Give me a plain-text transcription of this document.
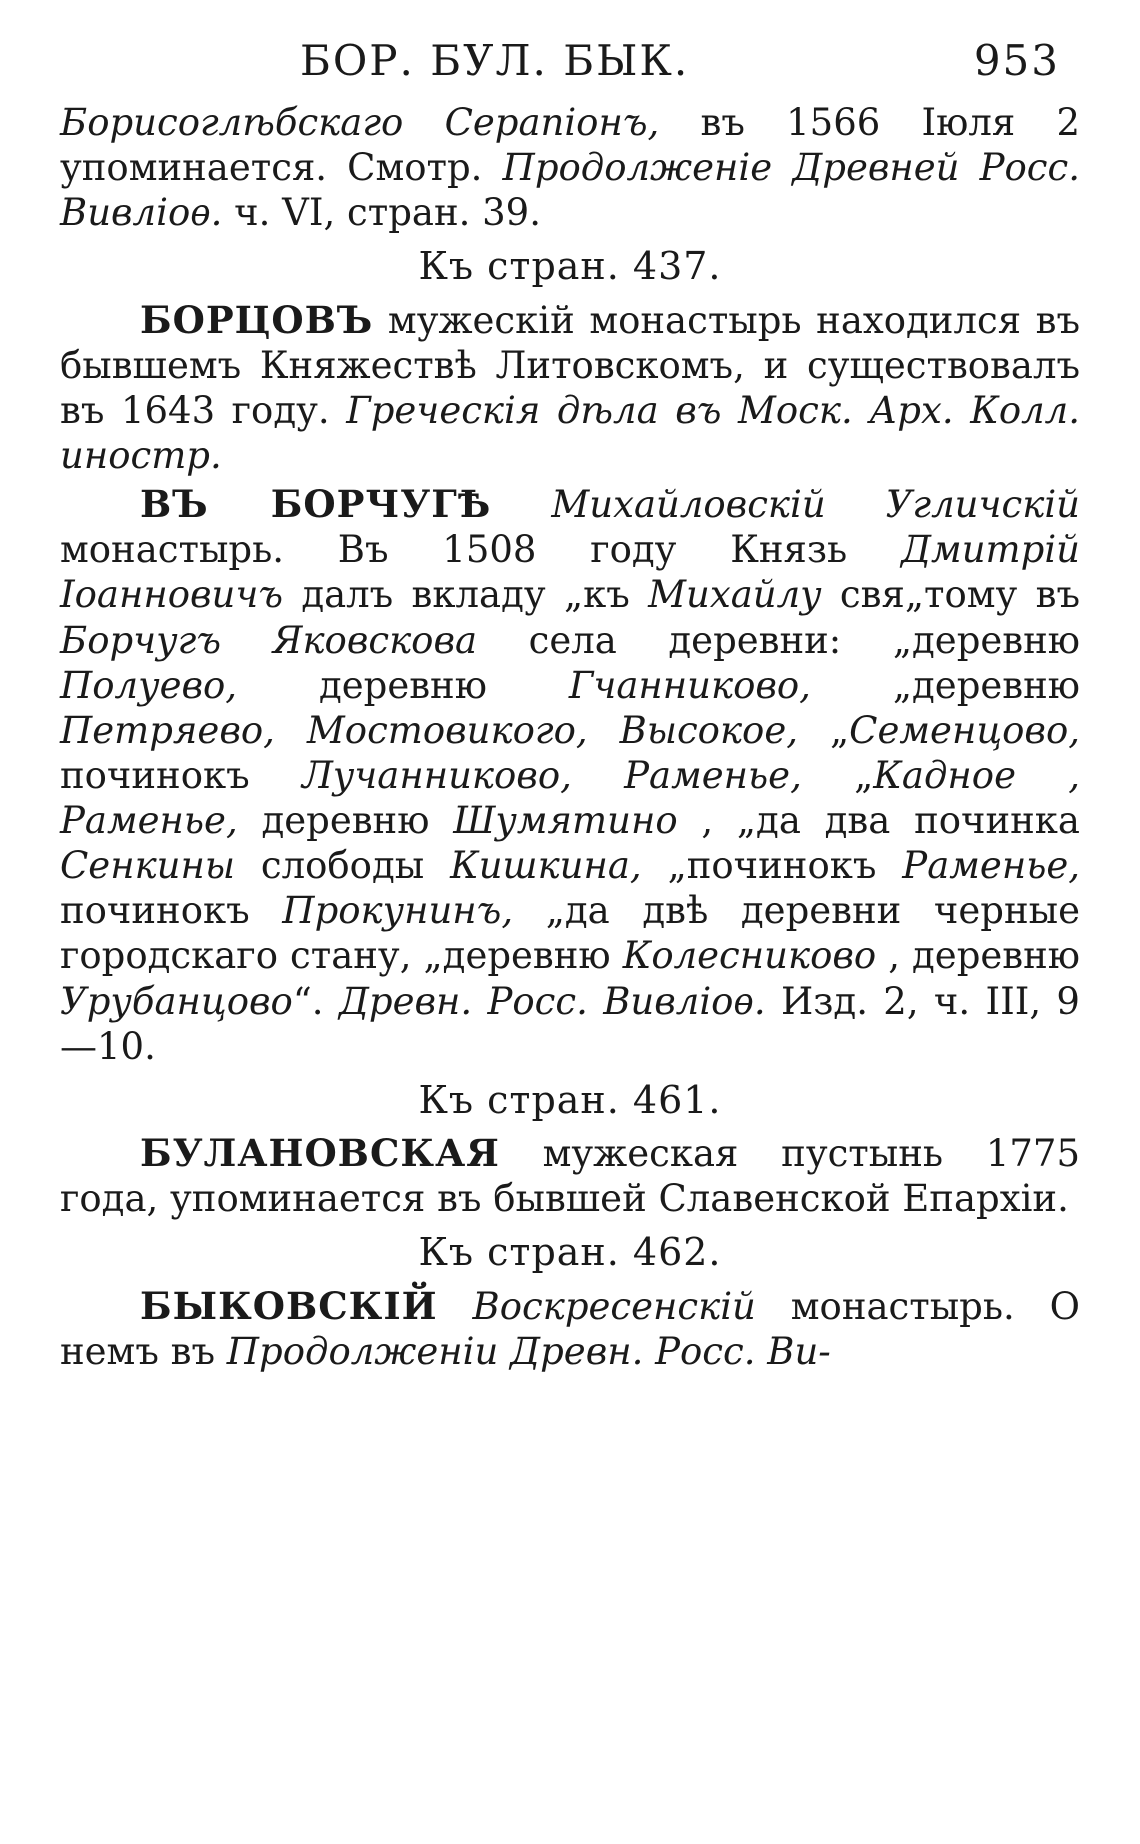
БОР. БУЛ. БЫК.	953

Борисоглѣбскаго Серапіонъ, въ 1566 Іюля 2 упоминается. Смотр. Продолженіе Древней Росс. Вивліоѳ. ч. VI, стран. 39.

Къ стран. 437.

БОРЦОВЪ мужескій монастырь находился въ бывшемъ Княжествѣ Литовскомъ, и существовалъ въ 1643 году. Греческія дѣла въ Моск. Арх. Колл. иностр.

ВЪ БОРЧУГѢ Михайловскій Угличскій монастырь. Въ 1508 году Князь Дмитрій Іоанновичъ далъ вкладу „къ Михайлу свя„тому въ Борчугъ Яковскова села деревни: „деревню Полуево, деревню Гчанниково, „деревню Петряево, Мостовикого, Высокое, „Семенцово, починокъ Лучанниково, Раменье, „Кадное , Раменье, деревню Шумятино , „да два починка Сенкины слободы Кишкина, „починокъ Раменье, починокъ Прокунинъ, „да двѣ деревни черные городскаго стану, „деревню Колесниково , деревню Урубанцово“. Древн. Росс. Вивліоѳ. Изд. 2, ч. III, 9—10.

Къ стран. 461.

БУЛАНОВСКАЯ мужеская пустынь 1775 года, упоминается въ бывшей Славенской Епархіи.

Къ стран. 462.

БЫКОВСКІЙ Воскресенскій монастырь. О немъ въ Продолженіи Древн. Росс. Ви-
